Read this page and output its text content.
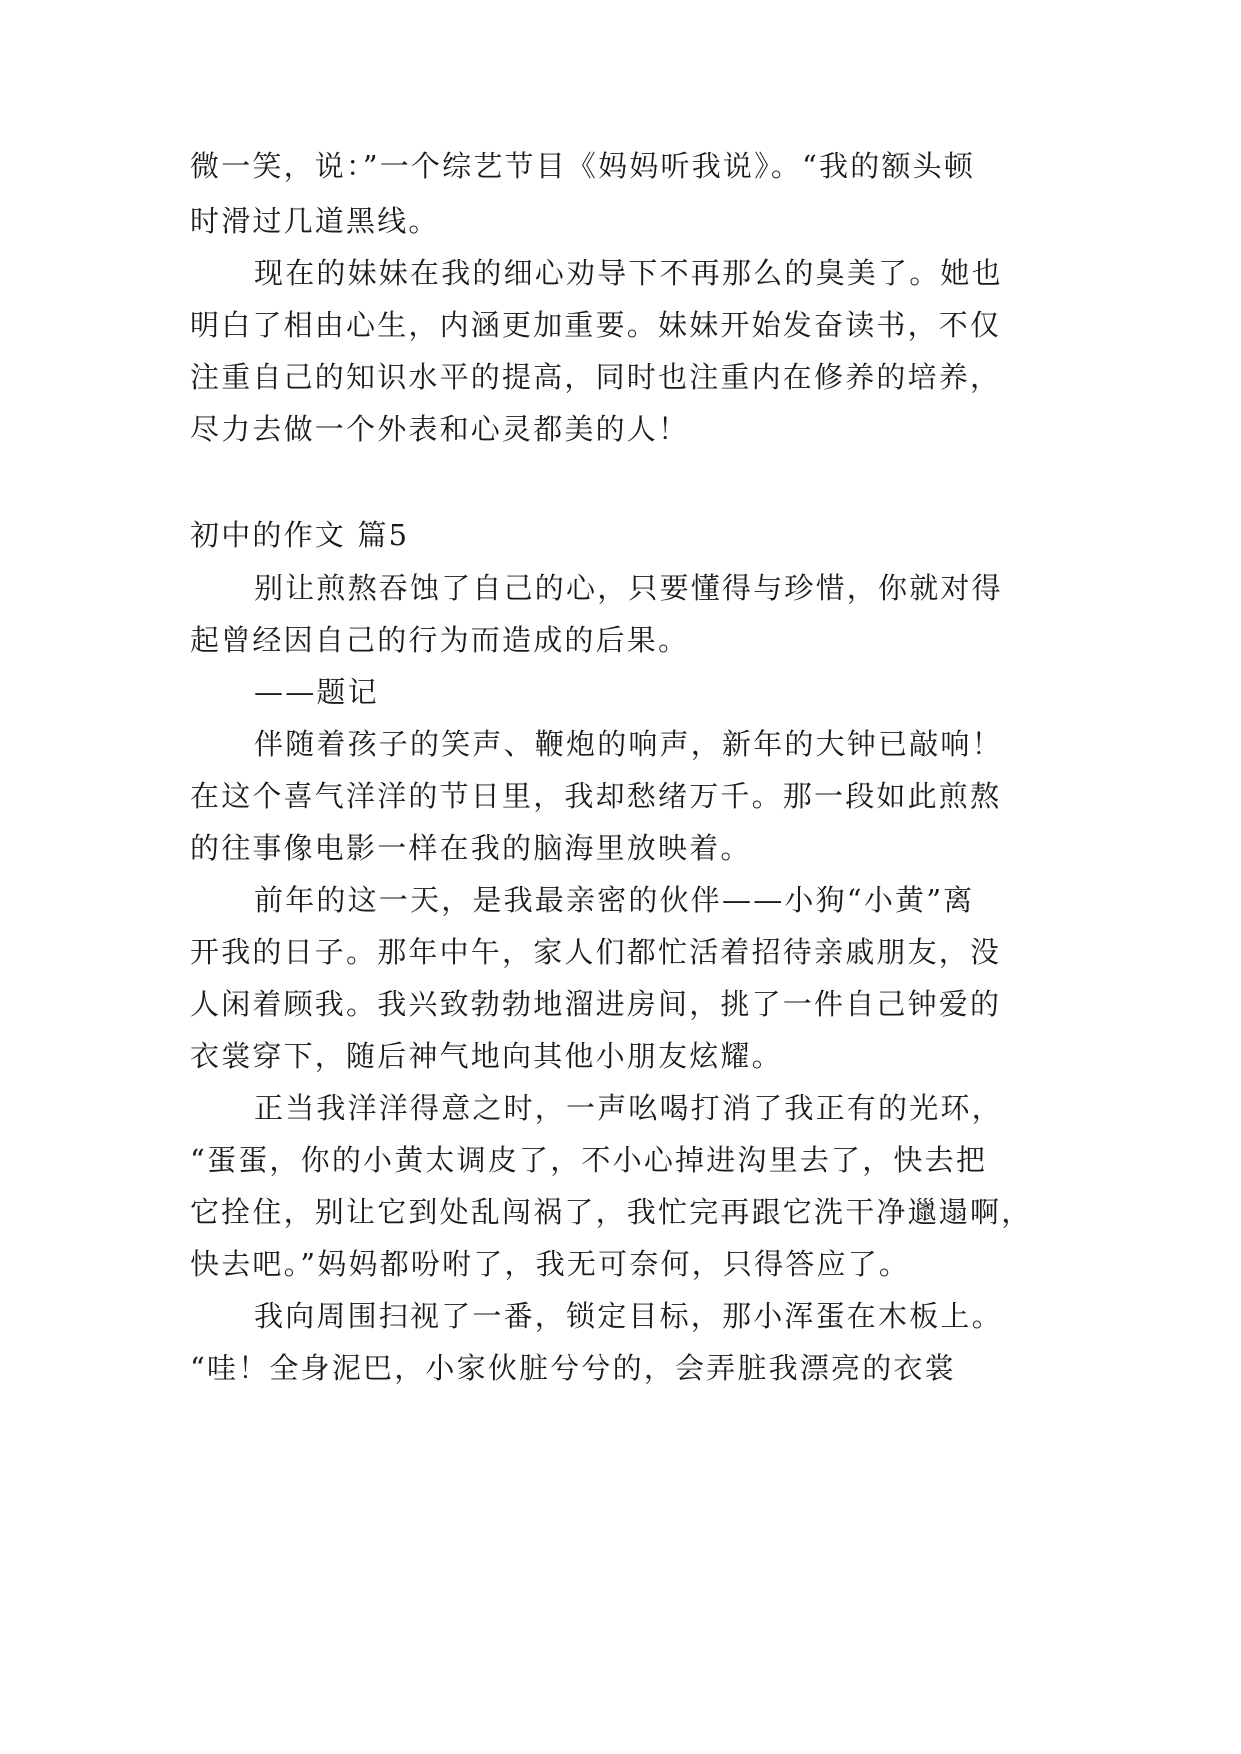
微一笑，说：”一个综艺节目《妈妈听我说》。“我的额头顿
时滑过几道黑线。
现在的妹妹在我的细心劝导下不再那么的臭美了。她也
明白了相由心生，内涵更加重要。妹妹开始发奋读书，不仅
注重自己的知识水平的提高，同时也注重内在修养的培养，
尽力去做一个外表和心灵都美的人！
初中的作文 篇5
别让煎熬吞蚀了自己的心，只要懂得与珍惜，你就对得
起曾经因自己的行为而造成的后果。
——题记
伴随着孩子的笑声、鞭炮的响声，新年的大钟已敲响！
在这个喜气洋洋的节日里，我却愁绪万千。那一段如此煎熬
的往事像电影一样在我的脑海里放映着。
前年的这一天，是我最亲密的伙伴——小狗“小黄”离
开我的日子。那年中午，家人们都忙活着招待亲戚朋友，没
人闲着顾我。我兴致勃勃地溜进房间，挑了一件自己钟爱的
衣裳穿下，随后神气地向其他小朋友炫耀。
正当我洋洋得意之时，一声吆喝打消了我正有的光环，
“蛋蛋，你的小黄太调皮了，不小心掉进沟里去了，快去把
它拴住，别让它到处乱闯祸了，我忙完再跟它洗干净邋遢啊，
快去吧。”妈妈都吩咐了，我无可奈何，只得答应了。
我向周围扫视了一番，锁定目标，那小浑蛋在木板上。
“哇！全身泥巴，小家伙脏兮兮的，会弄脏我漂亮的衣裳
